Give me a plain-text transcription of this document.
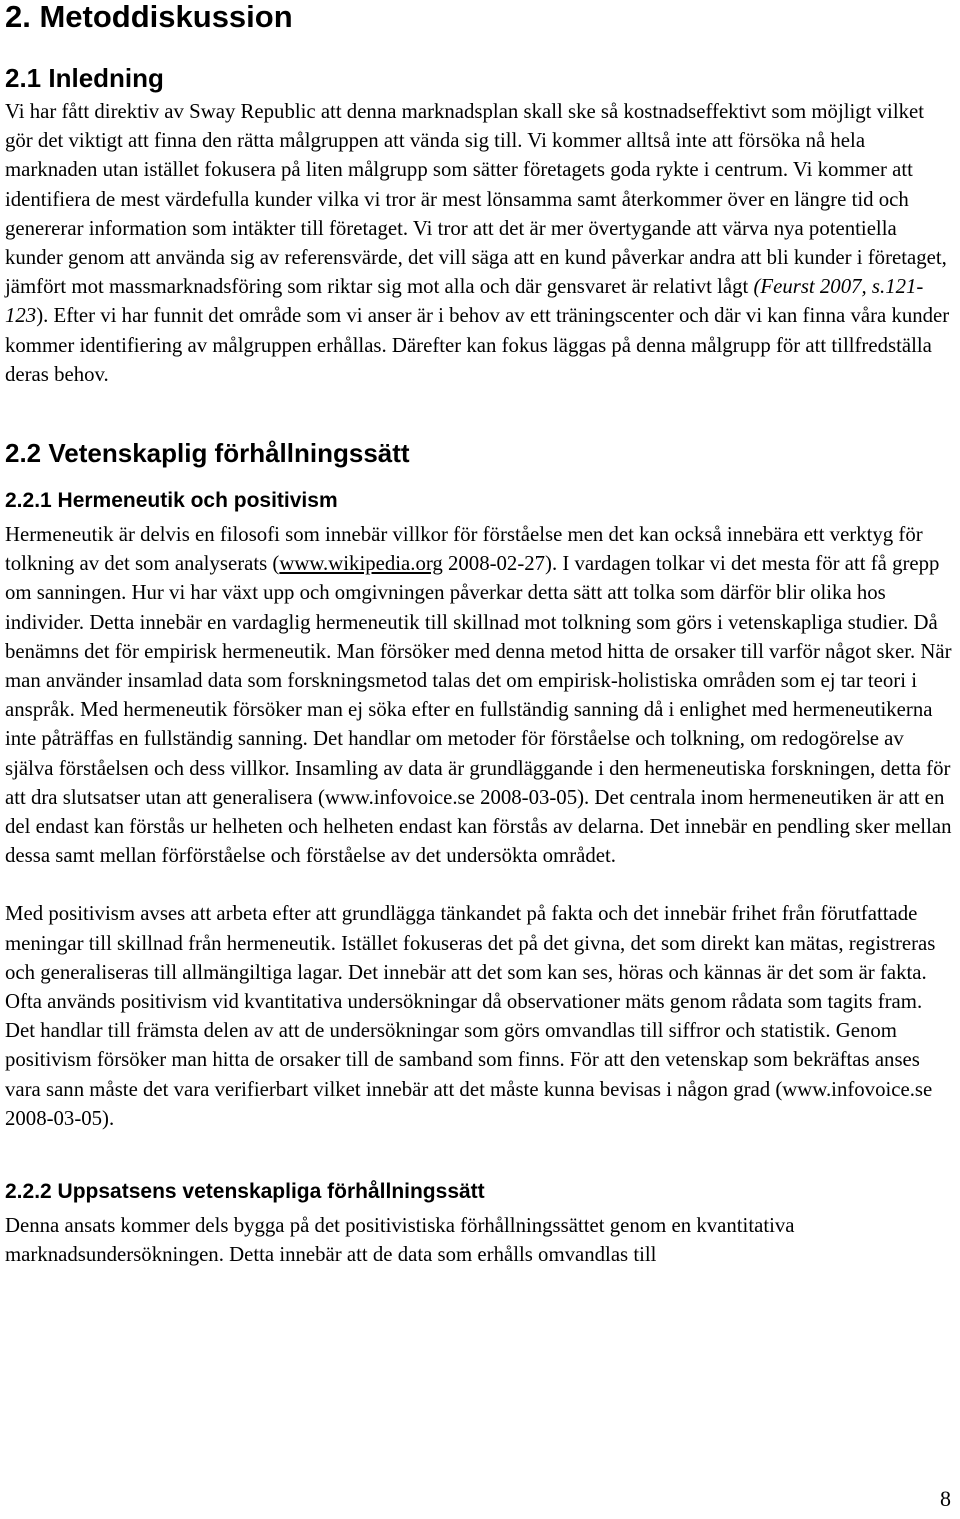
2. Metoddiskussion
2.1 Inledning

Vi har fått direktiv av Sway Republic att denna marknadsplan skall ske så kostnadseffektivt som möjligt vilket gör det viktigt att finna den rätta målgruppen att vända sig till. Vi kommer alltså inte att försöka nå hela marknaden utan istället fokusera på liten målgrupp som sätter företagets goda rykte i centrum. Vi kommer att identifiera de mest värdefulla kunder vilka vi tror är mest lönsamma samt återkommer över en längre tid och genererar information som intäkter till företaget. Vi tror att det är mer övertygande att värva nya potentiella kunder genom att använda sig av referensvärde, det vill säga att en kund påverkar andra att bli kunder i företaget, jämfört mot massmarknadsföring som riktar sig mot alla och där gensvaret är relativt lågt (Feurst 2007, s.121-123). Efter vi har funnit det område som vi anser är i behov av ett träningscenter och där vi kan finna våra kunder kommer identifiering av målgruppen erhållas. Därefter kan fokus läggas på denna målgrupp för att tillfredställa deras behov.

2.2 Vetenskaplig förhållningssätt
2.2.1 Hermeneutik och positivism

Hermeneutik är delvis en filosofi som innebär villkor för förståelse men det kan också innebära ett verktyg för tolkning av det som analyserats (www.wikipedia.org 2008-02-27). I vardagen tolkar vi det mesta för att få grepp om sanningen. Hur vi har växt upp och omgivningen påverkar detta sätt att tolka som därför blir olika hos individer. Detta innebär en vardaglig hermeneutik till skillnad mot tolkning som görs i vetenskapliga studier. Då benämns det för empirisk hermeneutik. Man försöker med denna metod hitta de orsaker till varför något sker. När man använder insamlad data som forskningsmetod talas det om empirisk-holistiska områden som ej tar teori i anspråk. Med hermeneutik försöker man ej söka efter en fullständig sanning då i enlighet med hermeneutikerna inte påträffas en fullständig sanning. Det handlar om metoder för förståelse och tolkning, om redogörelse av själva förståelsen och dess villkor. Insamling av data är grundläggande i den hermeneutiska forskningen, detta för att dra slutsatser utan att generalisera (www.infovoice.se 2008-03-05). Det centrala inom hermeneutiken är att en del endast kan förstås ur helheten och helheten endast kan förstås av delarna. Det innebär en pendling sker mellan dessa samt mellan förförståelse och förståelse av det undersökta området.

Med positivism avses att arbeta efter att grundlägga tänkandet på fakta och det innebär frihet från förutfattade meningar till skillnad från hermeneutik. Istället fokuseras det på det givna, det som direkt kan mätas, registreras och generaliseras till allmängiltiga lagar. Det innebär att det som kan ses, höras och kännas är det som är fakta. Ofta används positivism vid kvantitativa undersökningar då observationer mäts genom rådata som tagits fram. Det handlar till främsta delen av att de undersökningar som görs omvandlas till siffror och statistik. Genom positivism försöker man hitta de orsaker till de samband som finns. För att den vetenskap som bekräftas anses vara sann måste det vara verifierbart vilket innebär att det måste kunna bevisas i någon grad (www.infovoice.se 2008-03-05).

2.2.2 Uppsatsens vetenskapliga förhållningssätt

Denna ansats kommer dels bygga på det positivistiska förhållningssättet genom en kvantitativa marknadsundersökningen. Detta innebär att de data som erhålls omvandlas till

8
